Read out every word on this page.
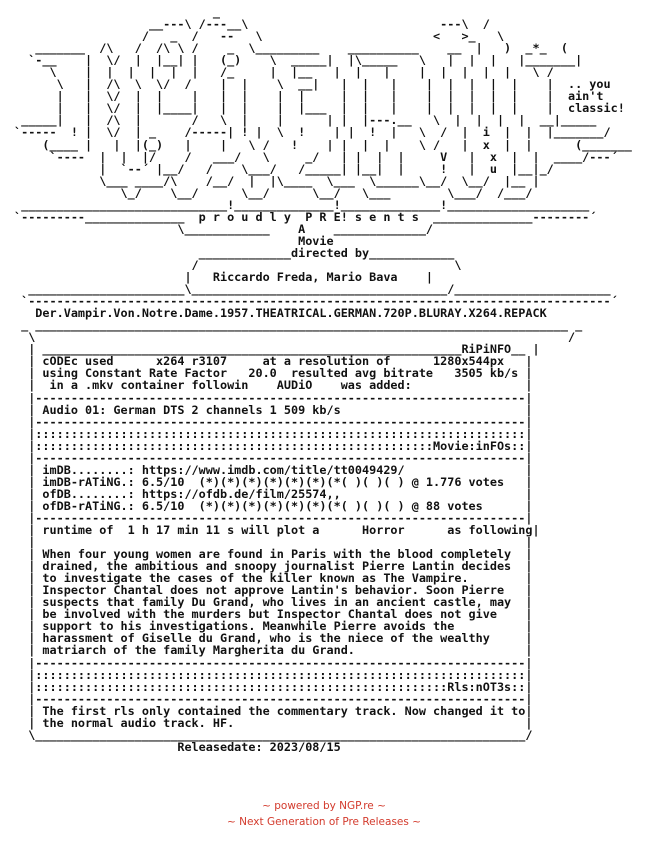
_
__---\ /---__\                           ---\  /
/   _  /   --   \                        <   >_   \
_______  /\   /  /\ \ /    _  \_________    __________    __  |   )  _*_  (
`-__    |  \/  |  |__| |   (_)    \  _____|  |\_____   \   |  |  |   |_______|
\    |  |  |  |  |  |   /_     |  |__   |  |   |    |  |  |  |  |   \ /
\   |  /\  \  \/  /    |  |    \  __|   |  |   |    |  |  |  |  |    |  .. you
|   |  \/  |  |    |   |  |    |  |     |  |   |    |  |  |  |  |    |  ain't
|   |  \/  |  |____|   |  |    |  |___  |  |   |    |  |  |  |  |    |  classic!
_____|   |  /\  |       /   \  |    |      | |  |---.__   \  |  |  |  |  __|_____
`-----  ! |  \/  | _    /-----| ! |  \  !    | |  !  |   \  /  |  i  |  |  |_______/
(____ |   |  |(_)   |    |   \ /   !    | |  |  |    \ /   |  x  |  |      (_______
`----  |  |  |/    /   ___/   \     _/   | |  |  |     V   |  x  |  |  ____/---´
|  `--´ |__/   /    \___/   /_____| |__|  |     !   |  u  |__|_/
\___ ____/\    /__/  |  |\____  \___  \______\__/  \__/  |__ |
\_/    \__/      \__/      \__/   \___        \___/  /___/
_____________________________!______________!______________!____________________
`---------______________  p r o u d l y  P R E! s e n t s  ______________--------´
\____________    A    _____________/
Movie
_____________directed by____________
/                                    \
|   Riccardo Freda, Mario Bava    |
______________________\____________________________________/______________________
`----------------------------------------------------------------------------------´
Der.Vampir.Von.Notre.Dame.1957.THEATRICAL.GERMAN.720P.BLURAY.X264.REPACK
_ ___________________________________________________________________________ _
\                                                                           /
| ___________________________________________________________RiPiNFO__ |
| cODEc used      x264 r3107     at a resolution of      1280x544px   |
| using Constant Rate Factor   20.0  resulted avg bitrate   3505 kb/s |
|  in a .mkv container followin    AUDiO    was added:                |
|---------------------------------------------------------------------|
| Audio 01: German DTS 2 channels 1 509 kb/s                          |
|---------------------------------------------------------------------|
|:::::::::::::::::::::::::::::::::::::::::::::::::::::::::::::::::::::|
|::::::::::::::::::::::::::::::::::::::::::::::::::::::::Movie:inFOs::|
|---------------------------------------------------------------------|
| imDB........: https://www.imdb.com/title/tt0049429/                 |
| imDB-rATiNG.: 6.5/10  (*)(*)(*)(*)(*)(*)(*( )( )( ) @ 1.776 votes   |
| ofDB........: https://ofdb.de/film/25574,,                          |
| ofDB-rATiNG.: 6.5/10  (*)(*)(*)(*)(*)(*)(*( )( )( ) @ 88 votes      |
|---------------------------------------------------------------------|
| runtime of  1 h 17 min 11 s will plot a      Horror      as following|
|                                                                     |
| When four young women are found in Paris with the blood completely  |
| drained, the ambitious and snoopy journalist Pierre Lantin decides  |
| to investigate the cases of the killer known as The Vampire.        |
| Inspector Chantal does not approve Lantin's behavior. Soon Pierre   |
| suspects that family Du Grand, who lives in an ancient castle, may  |
| be involved with the murders but Inspector Chantal does not give    |
| support to his investigations. Meanwhile Pierre avoids the          |
| harassment of Giselle du Grand, who is the niece of the wealthy     |
| matriarch of the family Margherita du Grand.                        |
|---------------------------------------------------------------------|
|:::::::::::::::::::::::::::::::::::::::::::::::::::::::::::::::::::::|
|::::::::::::::::::::::::::::::::::::::::::::::::::::::::::Rls:nOT3s::|
|---------------------------------------------------------------------|
| The first rls only contained the commentary track. Now changed it to|
| the normal audio track. HF.                                         |
\_____________________________________________________________________/
Releasedate: 2023/08/15
~ powered by NGP.re ~
~ Next Generation of Pre Releases ~
